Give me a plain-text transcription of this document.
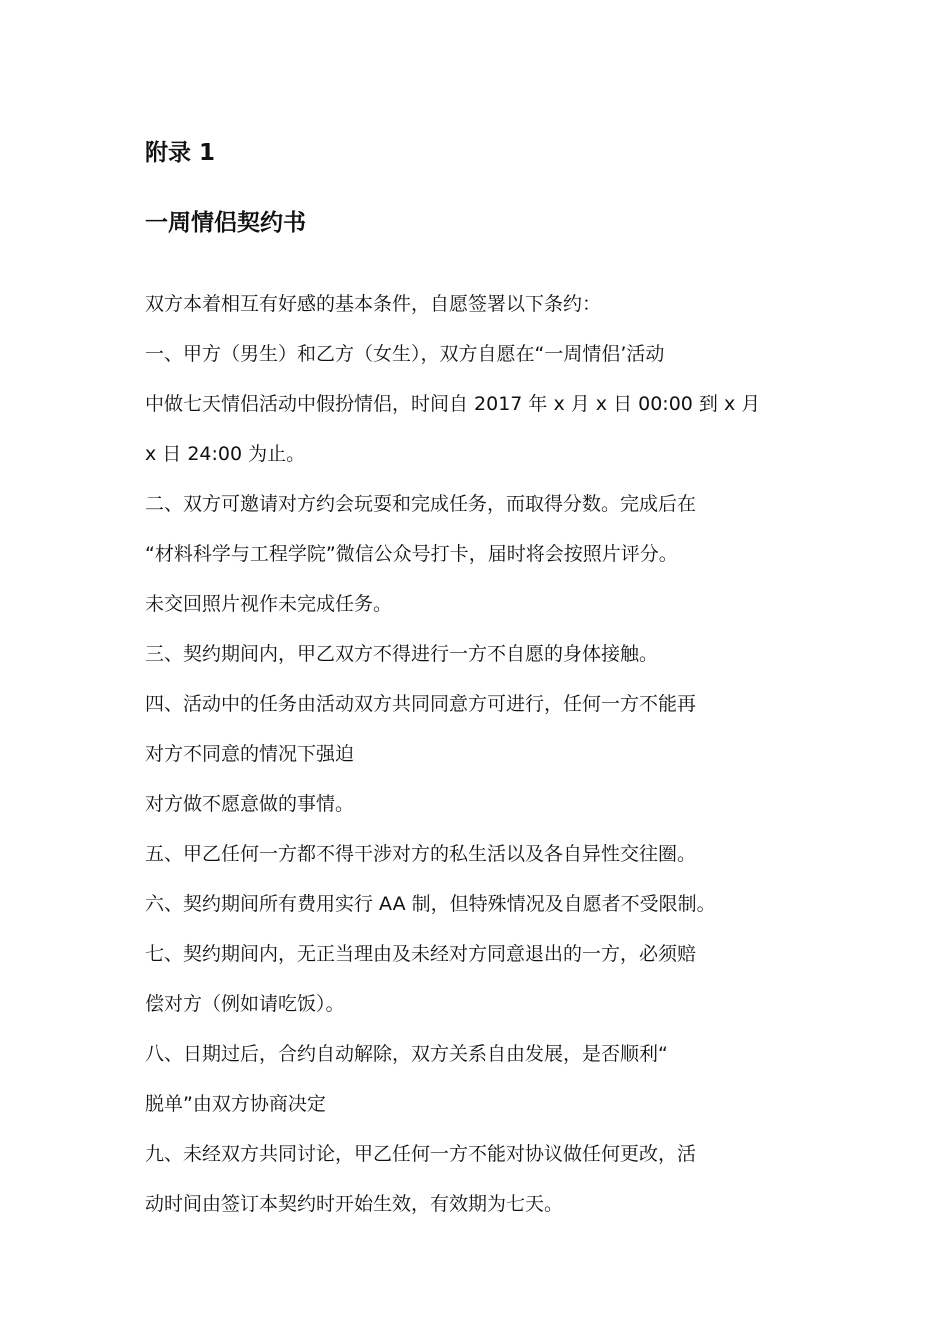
附录 1
一周情侣契约书
双方本着相互有好感的基本条件，自愿签署以下条约：
一、甲方（男生）和乙方（女生），双方自愿在“一周情侣’活动
中做七天情侣活动中假扮情侣，时间自 2017 年 x 月 x 日 00:00 到 x 月
x 日 24:00 为止。
二、双方可邀请对方约会玩耍和完成任务，而取得分数。完成后在
“材料科学与工程学院”微信公众号打卡，届时将会按照片评分。
未交回照片视作未完成任务。
三、契约期间内，甲乙双方不得进行一方不自愿的身体接触。
四、活动中的任务由活动双方共同同意方可进行，任何一方不能再
对方不同意的情况下强迫
对方做不愿意做的事情。
五、甲乙任何一方都不得干涉对方的私生活以及各自异性交往圈。
六、契约期间所有费用实行 AA 制，但特殊情况及自愿者不受限制。
七、契约期间内，无正当理由及未经对方同意退出的一方，必须赔
偿对方（例如请吃饭）。
八、日期过后，合约自动解除，双方关系自由发展，是否顺利“
脱单”由双方协商决定
九、未经双方共同讨论，甲乙任何一方不能对协议做任何更改，活
动时间由签订本契约时开始生效，有效期为七天。
